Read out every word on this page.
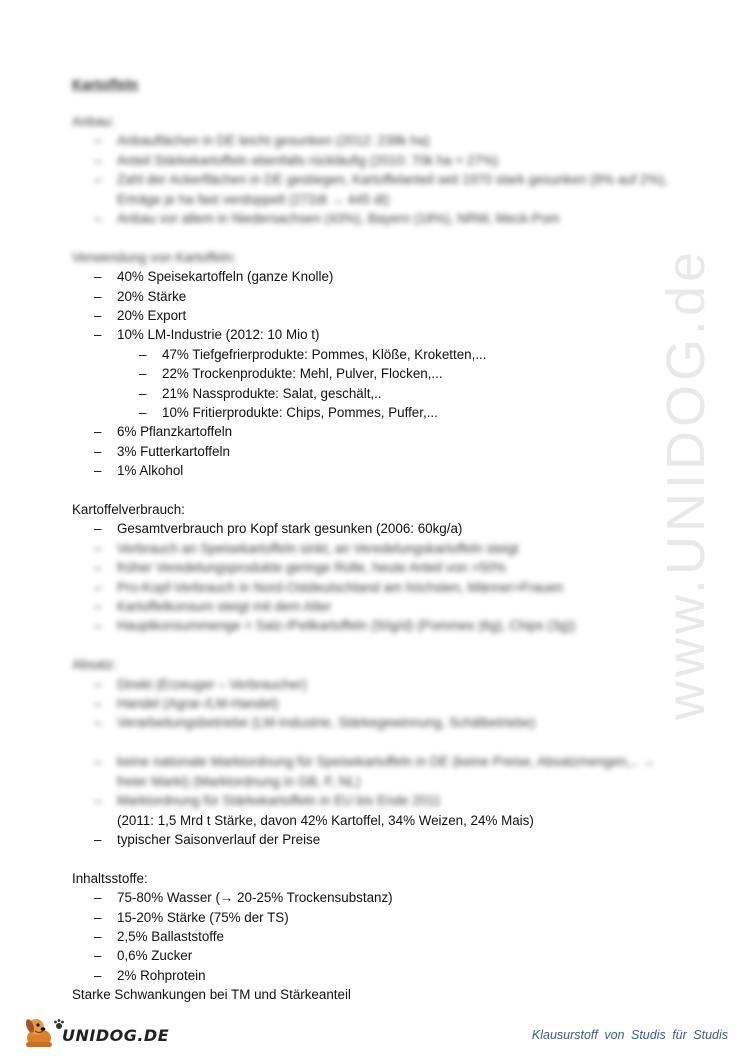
www.UNIDOG.de
Kartoffeln
Anbau:
– Anbauflächen in DE leicht gesunken (2012: 238k ha)
– Anteil Stärkekartoffeln ebenfalls rückläufig (2010: 70k ha = 27%)
– Zahl der Ackerflächen in DE gestiegen, Kartoffelanteil seit 1970 stark gesunken (8% auf 2%),
Erträge je ha fast verdoppelt (272dt → 445 dt)
– Anbau vor allem in Niedersachsen (43%), Bayern (18%), NRW, Meck-Pom
Verwendung von Kartoffeln:
– 40% Speisekartoffeln (ganze Knolle)
– 20% Stärke
– 20% Export
– 10% LM-Industrie (2012: 10 Mio t)
– 47% Tiefgefrierprodukte: Pommes, Klöße, Kroketten,...
– 22% Trockenprodukte: Mehl, Pulver, Flocken,...
– 21% Nassprodukte: Salat, geschält,..
– 10% Fritierprodukte: Chips, Pommes, Puffer,...
– 6% Pflanzkartoffeln
– 3% Futterkartoffeln
– 1% Alkohol
Kartoffelverbrauch:
– Gesamtverbrauch pro Kopf stark gesunken (2006: 60kg/a)
– Verbrauch an Speisekartoffeln sinkt, an Veredelungskartoffeln steigt
– früher Veredelungsprodukte geringe Rolle, heute Anteil von >50%
– Pro-Kopf-Verbrauch in Nord-Ostdeutschland am höchsten, Männer>Frauen
– Kartoffelkonsum steigt mit dem Alter
– Hauptkonsummenge = Salz-/Pellkartoffeln (50g/d) (Pommes (6g), Chips (3g))
Absatz:
– Direkt (Erzeuger – Verbraucher)
– Handel (Agrar-/LM-Handel)
– Verarbeitungsbetriebe (LM-Industrie, Stärkegewinnung, Schälbetriebe)
– keine nationale Marktordnung für Speisekartoffeln in DE (keine Preise, Absatzmengen,.. →
freier Markt) (Marktordnung in GB, F, NL)
– Marktordnung für Stärkekartoffeln in EU bis Ende 2011
(2011: 1,5 Mrd t Stärke, davon 42% Kartoffel, 34% Weizen, 24% Mais)
– typischer Saisonverlauf der Preise
Inhaltsstoffe:
– 75-80% Wasser (→ 20-25% Trockensubstanz)
– 15-20% Stärke (75% der TS)
– 2,5% Ballaststoffe
– 0,6% Zucker
– 2% Rohprotein
Starke Schwankungen bei TM und Stärkeanteil
UNIDOG.DE	Klausurstoff von Studis für Studis
